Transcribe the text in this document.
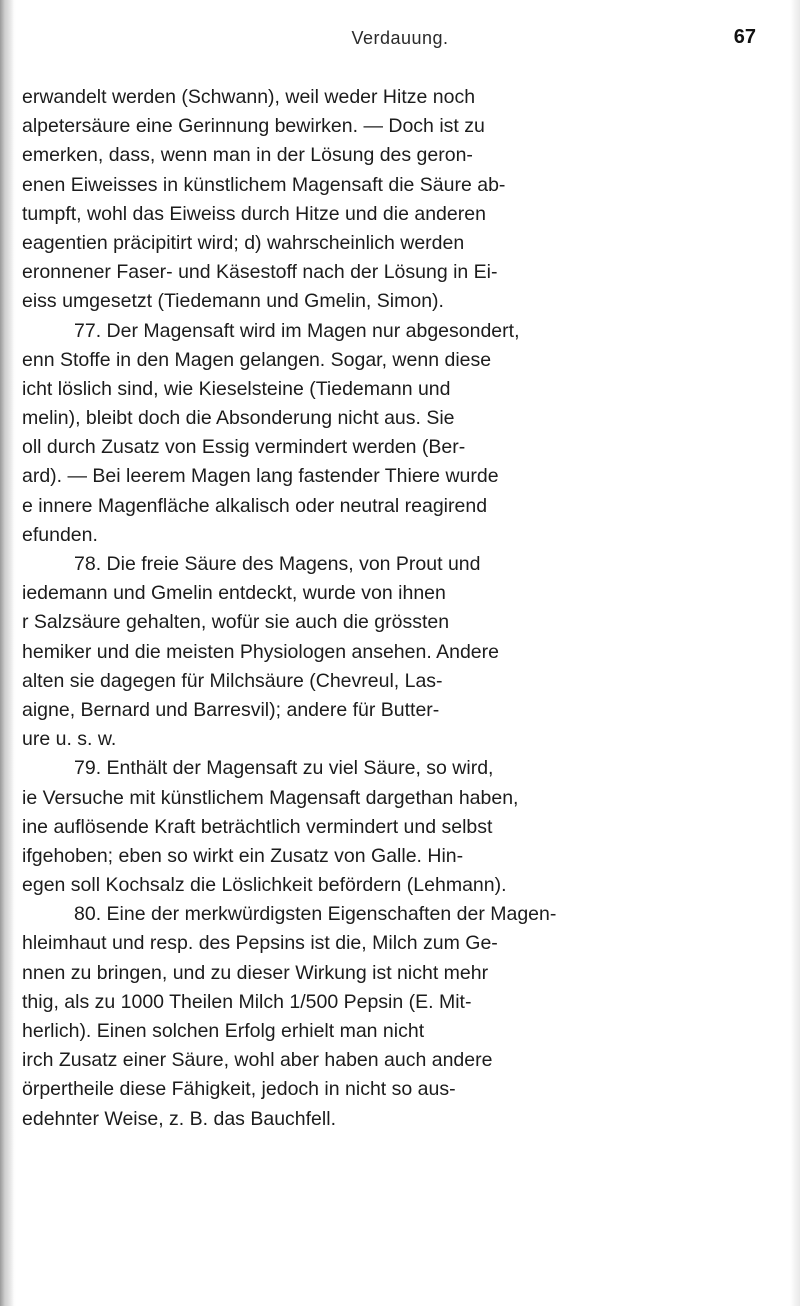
Verdauung.	67
erwandelt werden (Schwann), weil weder Hitze noch
alpetersäure eine Gerinnung bewirken. — Doch ist zu
emerken, dass, wenn man in der Lösung des geron-
enen Eiweisses in künstlichem Magensaft die Säure ab-
tumpft, wohl das Eiweiss durch Hitze und die anderen
eagentien präcipitirt wird; d) wahrscheinlich werden
eronnener Faser- und Käsestoff nach der Lösung in Ei-
eiss umgesetzt (Tiedemann und Gmelin, Simon).
77. Der Magensaft wird im Magen nur abgesondert,
enn Stoffe in den Magen gelangen. Sogar, wenn diese
icht löslich sind, wie Kieselsteine (Tiedemann und
melin), bleibt doch die Absonderung nicht aus. Sie
oll durch Zusatz von Essig vermindert werden (Ber-
ard). — Bei leerem Magen lang fastender Thiere wurde
e innere Magenfläche alkalisch oder neutral reagirend
efunden.
78. Die freie Säure des Magens, von Prout und
iedemann und Gmelin entdeckt, wurde von ihnen
r Salzsäure gehalten, wofür sie auch die grössten
hemiker und die meisten Physiologen ansehen. Andere
alten sie dagegen für Milchsäure (Chevreul, Las-
aigne, Bernard und Barresvil); andere für Butter-
ure u. s. w.
79. Enthält der Magensaft zu viel Säure, so wird,
ie Versuche mit künstlichem Magensaft dargethan haben,
ine auflösende Kraft beträchtlich vermindert und selbst
ifgehoben; eben so wirkt ein Zusatz von Galle. Hin-
egen soll Kochsalz die Löslichkeit befördern (Lehmann).
80. Eine der merkwürdigsten Eigenschaften der Magen-
hleimhaut und resp. des Pepsins ist die, Milch zum Ge-
nnen zu bringen, und zu dieser Wirkung ist nicht mehr
thig, als zu 1000 Theilen Milch 1/500 Pepsin (E. Mit-
herlich). Einen solchen Erfolg erhielt man nicht
irch Zusatz einer Säure, wohl aber haben auch andere
örpertheile diese Fähigkeit, jedoch in nicht so aus-
edehnter Weise, z. B. das Bauchfell.
